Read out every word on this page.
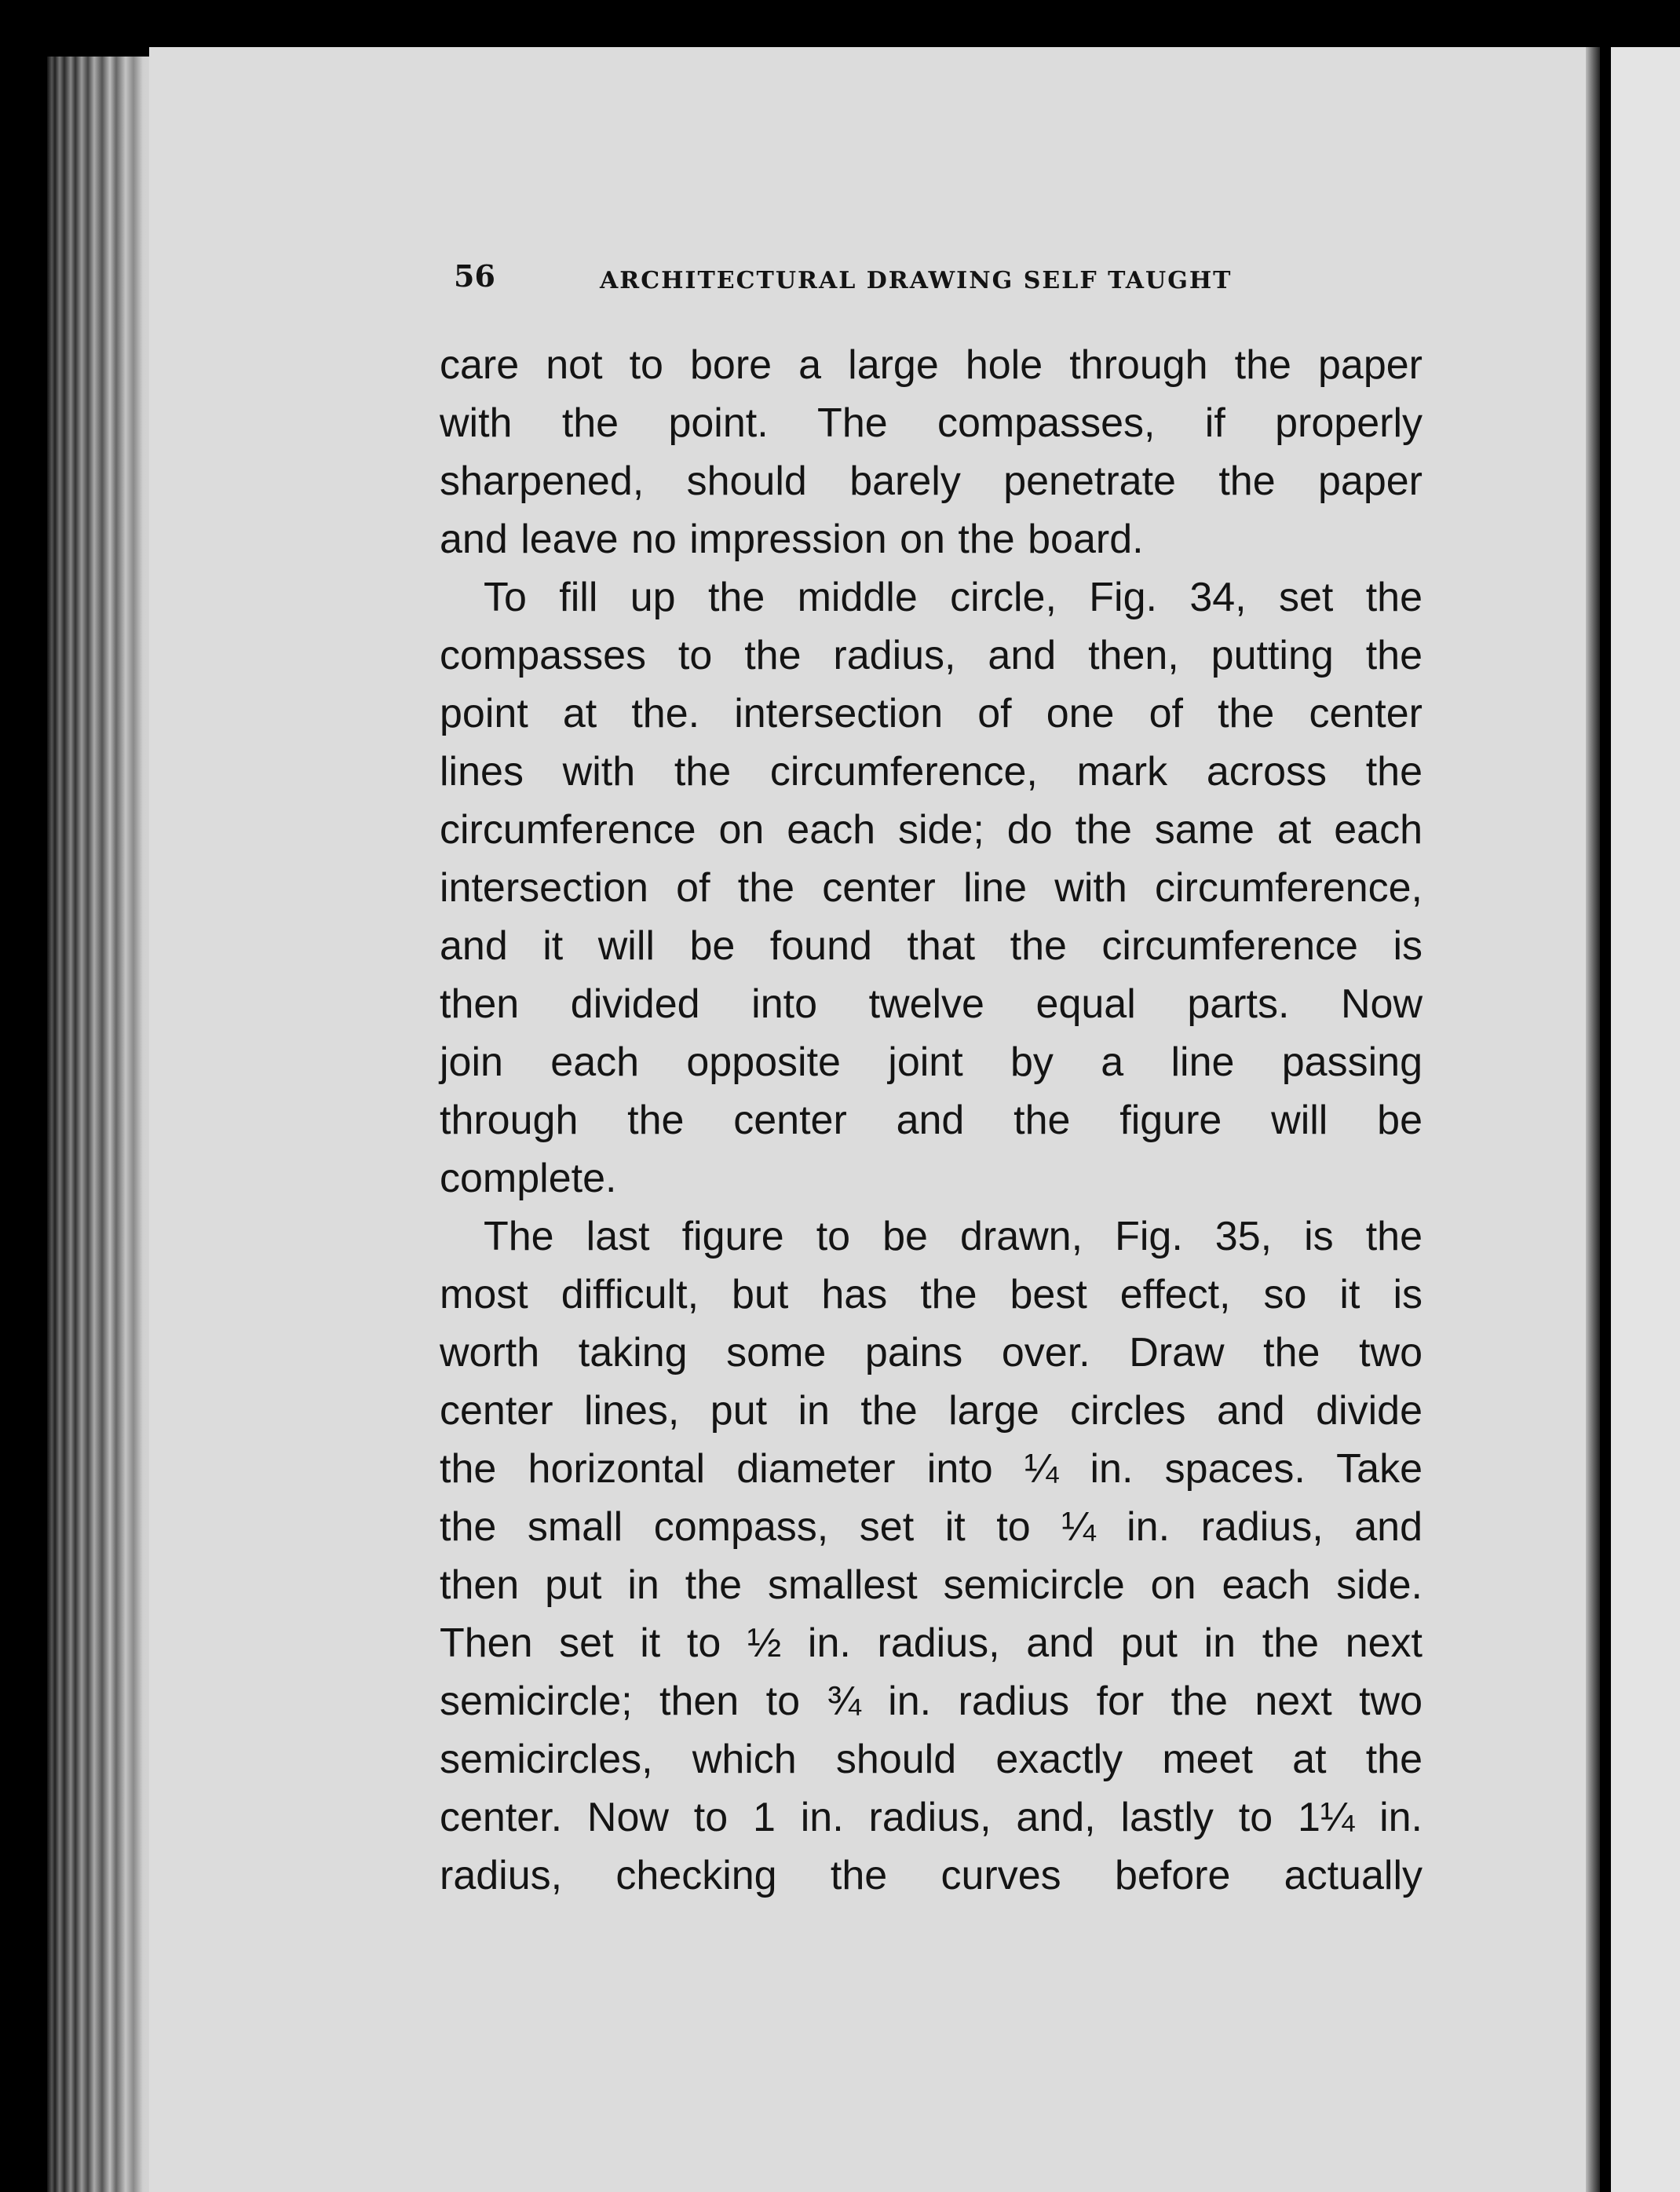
56	ARCHITECTURAL DRAWING SELF TAUGHT
care not to bore a large hole through the paper
with the point. The compasses, if properly
sharpened, should barely penetrate the paper
and leave no impression on the board.
To fill up the middle circle, Fig. 34, set the
compasses to the radius, and then, putting the
point at the. intersection of one of the center
lines with the circumference, mark across the
circumference on each side; do the same at each
intersection of the center line with circumference,
and it will be found that the circumference is
then divided into twelve equal parts. Now
join each opposite joint by a line passing
through the center and the figure will be
complete.
The last figure to be drawn, Fig. 35, is the
most difficult, but has the best effect, so it is
worth taking some pains over. Draw the two
center lines, put in the large circles and divide
the horizontal diameter into ¼ in. spaces. Take
the small compass, set it to ¼ in. radius, and
then put in the smallest semicircle on each side.
Then set it to ½ in. radius, and put in the next
semicircle; then to ¾ in. radius for the next two
semicircles, which should exactly meet at the
center. Now to 1 in. radius, and, lastly to 1¼ in.
radius, checking the curves before actually
